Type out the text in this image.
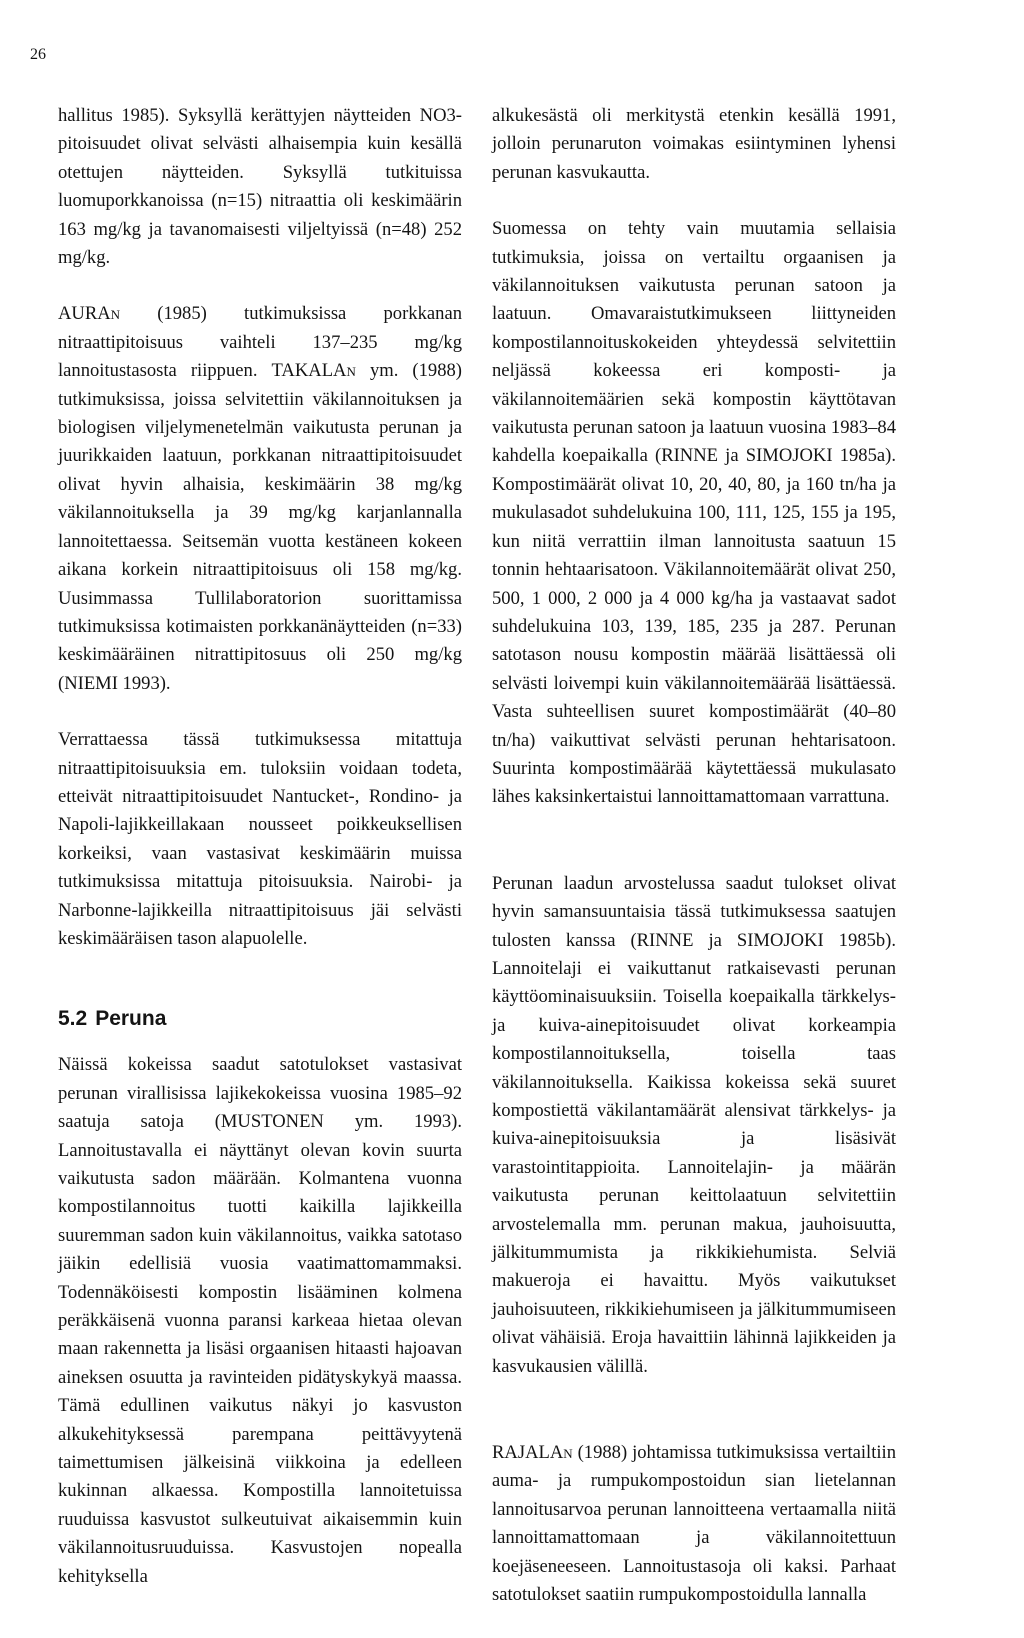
26

hallitus 1985). Syksyllä kerättyjen näytteiden NO3-pitoisuudet olivat selvästi alhaisempia kuin kesällä otettujen näytteiden. Syksyllä tutkituissa luomuporkkanoissa (n=15) nitraattia oli keskimäärin 163 mg/kg ja tavanomaisesti viljeltyissä (n=48) 252 mg/kg.

AURAn (1985) tutkimuksissa porkkanan nitraattipitoisuus vaihteli 137–235 mg/kg lannoitustasosta riippuen. TAKALAn ym. (1988) tutkimuksissa, joissa selvitettiin väkilannoituksen ja biologisen viljelymenetelmän vaikutusta perunan ja juurikkaiden laatuun, porkkanan nitraattipitoisuudet olivat hyvin alhaisia, keskimäärin 38 mg/kg väkilannoituksella ja 39 mg/kg karjanlannalla lannoitettaessa. Seitsemän vuotta kestäneen kokeen aikana korkein nitraattipitoisuus oli 158 mg/kg. Uusimmassa Tullilaboratorion suorittamissa tutkimuksissa kotimaisten porkkanänäytteiden (n=33) keskimääräinen nitrattipitosuus oli 250 mg/kg (NIEMI 1993).

Verrattaessa tässä tutkimuksessa mitattuja nitraattipitoisuuksia em. tuloksiin voidaan todeta, etteivät nitraattipitoisuudet Nantucket-, Rondino- ja Napoli-lajikkeillakaan nousseet poikkeuksellisen korkeiksi, vaan vastasivat keskimäärin muissa tutkimuksissa mitattuja pitoisuuksia. Nairobi- ja Narbonne-lajikkeilla nitraattipitoisuus jäi selvästi keskimääräisen tason alapuolelle.

5.2 Peruna

Näissä kokeissa saadut satotulokset vastasivat perunan virallisissa lajikekokeissa vuosina 1985–92 saatuja satoja (MUSTONEN ym. 1993). Lannoitustavalla ei näyttänyt olevan kovin suurta vaikutusta sadon määrään. Kolmantena vuonna kompostilannoitus tuotti kaikilla lajikkeilla suuremman sadon kuin väkilannoitus, vaikka satotaso jäikin edellisiä vuosia vaatimattomammaksi. Todennäköisesti kompostin lisääminen kolmena peräkkäisenä vuonna paransi karkeaa hietaa olevan maan rakennetta ja lisäsi orgaanisen hitaasti hajoavan aineksen osuutta ja ravinteiden pidätyskykyä maassa. Tämä edullinen vaikutus näkyi jo kasvuston alkukehityksessä parempana peittävyytenä taimettumisen jälkeisinä viikkoina ja edelleen kukinnan alkaessa. Kompostilla lannoitetuissa ruuduissa kasvustot sulkeutuivat aikaisemmin kuin väkilannoitusruuduissa. Kasvustojen nopealla kehityksella

alkukesästä oli merkitystä etenkin kesällä 1991, jolloin perunaruton voimakas esiintyminen lyhensi perunan kasvukautta.

Suomessa on tehty vain muutamia sellaisia tutkimuksia, joissa on vertailtu orgaanisen ja väkilannoituksen vaikutusta perunan satoon ja laatuun. Omavaraistutkimukseen liittyneiden kompostilannoituskokeiden yhteydessä selvitettiin neljässä kokeessa eri komposti- ja väkilannoitemäärien sekä kompostin käyttötavan vaikutusta perunan satoon ja laatuun vuosina 1983–84 kahdella koepaikalla (RINNE ja SIMOJOKI 1985a). Kompostimäärät olivat 10, 20, 40, 80, ja 160 tn/ha ja mukulasadot suhdelukuina 100, 111, 125, 155 ja 195, kun niitä verrattiin ilman lannoitusta saatuun 15 tonnin hehtaarisatoon. Väkilannoitemäärät olivat 250, 500, 1 000, 2 000 ja 4 000 kg/ha ja vastaavat sadot suhdelukuina 103, 139, 185, 235 ja 287. Perunan satotason nousu kompostin määrää lisättäessä oli selvästi loivempi kuin väkilannoitemäärää lisättäessä. Vasta suhteellisen suuret kompostimäärät (40–80 tn/ha) vaikuttivat selvästi perunan hehtarisatoon. Suurinta kompostimäärää käytettäessä mukulasato lähes kaksinkertaistui lannoittamattomaan varrattuna.

Perunan laadun arvostelussa saadut tulokset olivat hyvin samansuuntaisia tässä tutkimuksessa saatujen tulosten kanssa (RINNE ja SIMOJOKI 1985b). Lannoitelaji ei vaikuttanut ratkaisevasti perunan käyttöominaisuuksiin. Toisella koepaikalla tärkkelys- ja kuiva-ainepitoisuudet olivat korkeampia kompostilannoituksella, toisella taas väkilannoituksella. Kaikissa kokeissa sekä suuret kompostiettä väkilantamäärät alensivat tärkkelys- ja kuiva-ainepitoisuuksia ja lisäsivät varastointitappioita. Lannoitelajin- ja määrän vaikutusta perunan keittolaatuun selvitettiin arvostelemalla mm. perunan makua, jauhoisuutta, jälkitummumista ja rikkikiehumista. Selviä makueroja ei havaittu. Myös vaikutukset jauhoisuuteen, rikkikiehumiseen ja jälkitummumiseen olivat vähäisiä. Eroja havaittiin lähinnä lajikkeiden ja kasvukausien välillä.

RAJALAn (1988) johtamissa tutkimuksissa vertailtiin auma- ja rumpukompostoidun sian lietelannan lannoitusarvoa perunan lannoitteena vertaamalla niitä lannoittamattomaan ja väkilannoitettuun koejäseneeseen. Lannoitustasoja oli kaksi. Parhaat satotulokset saatiin rumpukompostoidulla lannalla
